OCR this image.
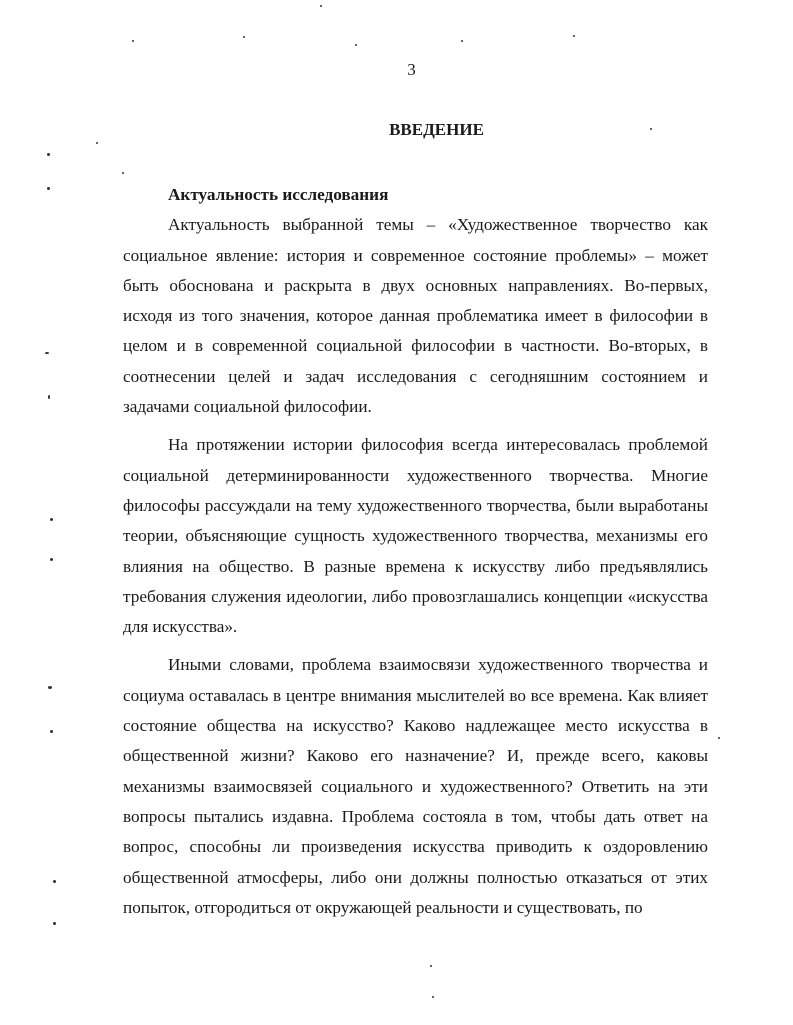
3
ВВЕДЕНИЕ

Актуальность исследования

Актуальность выбранной темы – «Художественное творчество как социальное явление: история и современное состояние проблемы» – может быть обоснована и раскрыта в двух основных направлениях. Во-первых, исходя из того значения, которое данная проблематика имеет в философии в целом и в современной социальной философии в частности. Во-вторых, в соотнесении целей и задач исследования с сегодняшним состоянием и задачами социальной философии.

На протяжении истории философия всегда интересовалась проблемой социальной детерминированности художественного творчества. Многие философы рассуждали на тему художественного творчества, были выработаны теории, объясняющие сущность художественного творчества, механизмы его влияния на общество. В разные времена к искусству либо предъявлялись требования служения идеологии, либо провозглашались концепции «искусства для искусства».

Иными словами, проблема взаимосвязи художественного творчества и социума оставалась в центре внимания мыслителей во все времена. Как влияет состояние общества на искусство? Каково надлежащее место искусства в общественной жизни? Каково его назначение? И, прежде всего, каковы механизмы взаимосвязей социального и художественного? Ответить на эти вопросы пытались издавна. Проблема состояла в том, чтобы дать ответ на вопрос, способны ли произведения искусства приводить к оздоровлению общественной атмосферы, либо они должны полностью отказаться от этих попыток, отгородиться от окружающей реальности и существовать, по
